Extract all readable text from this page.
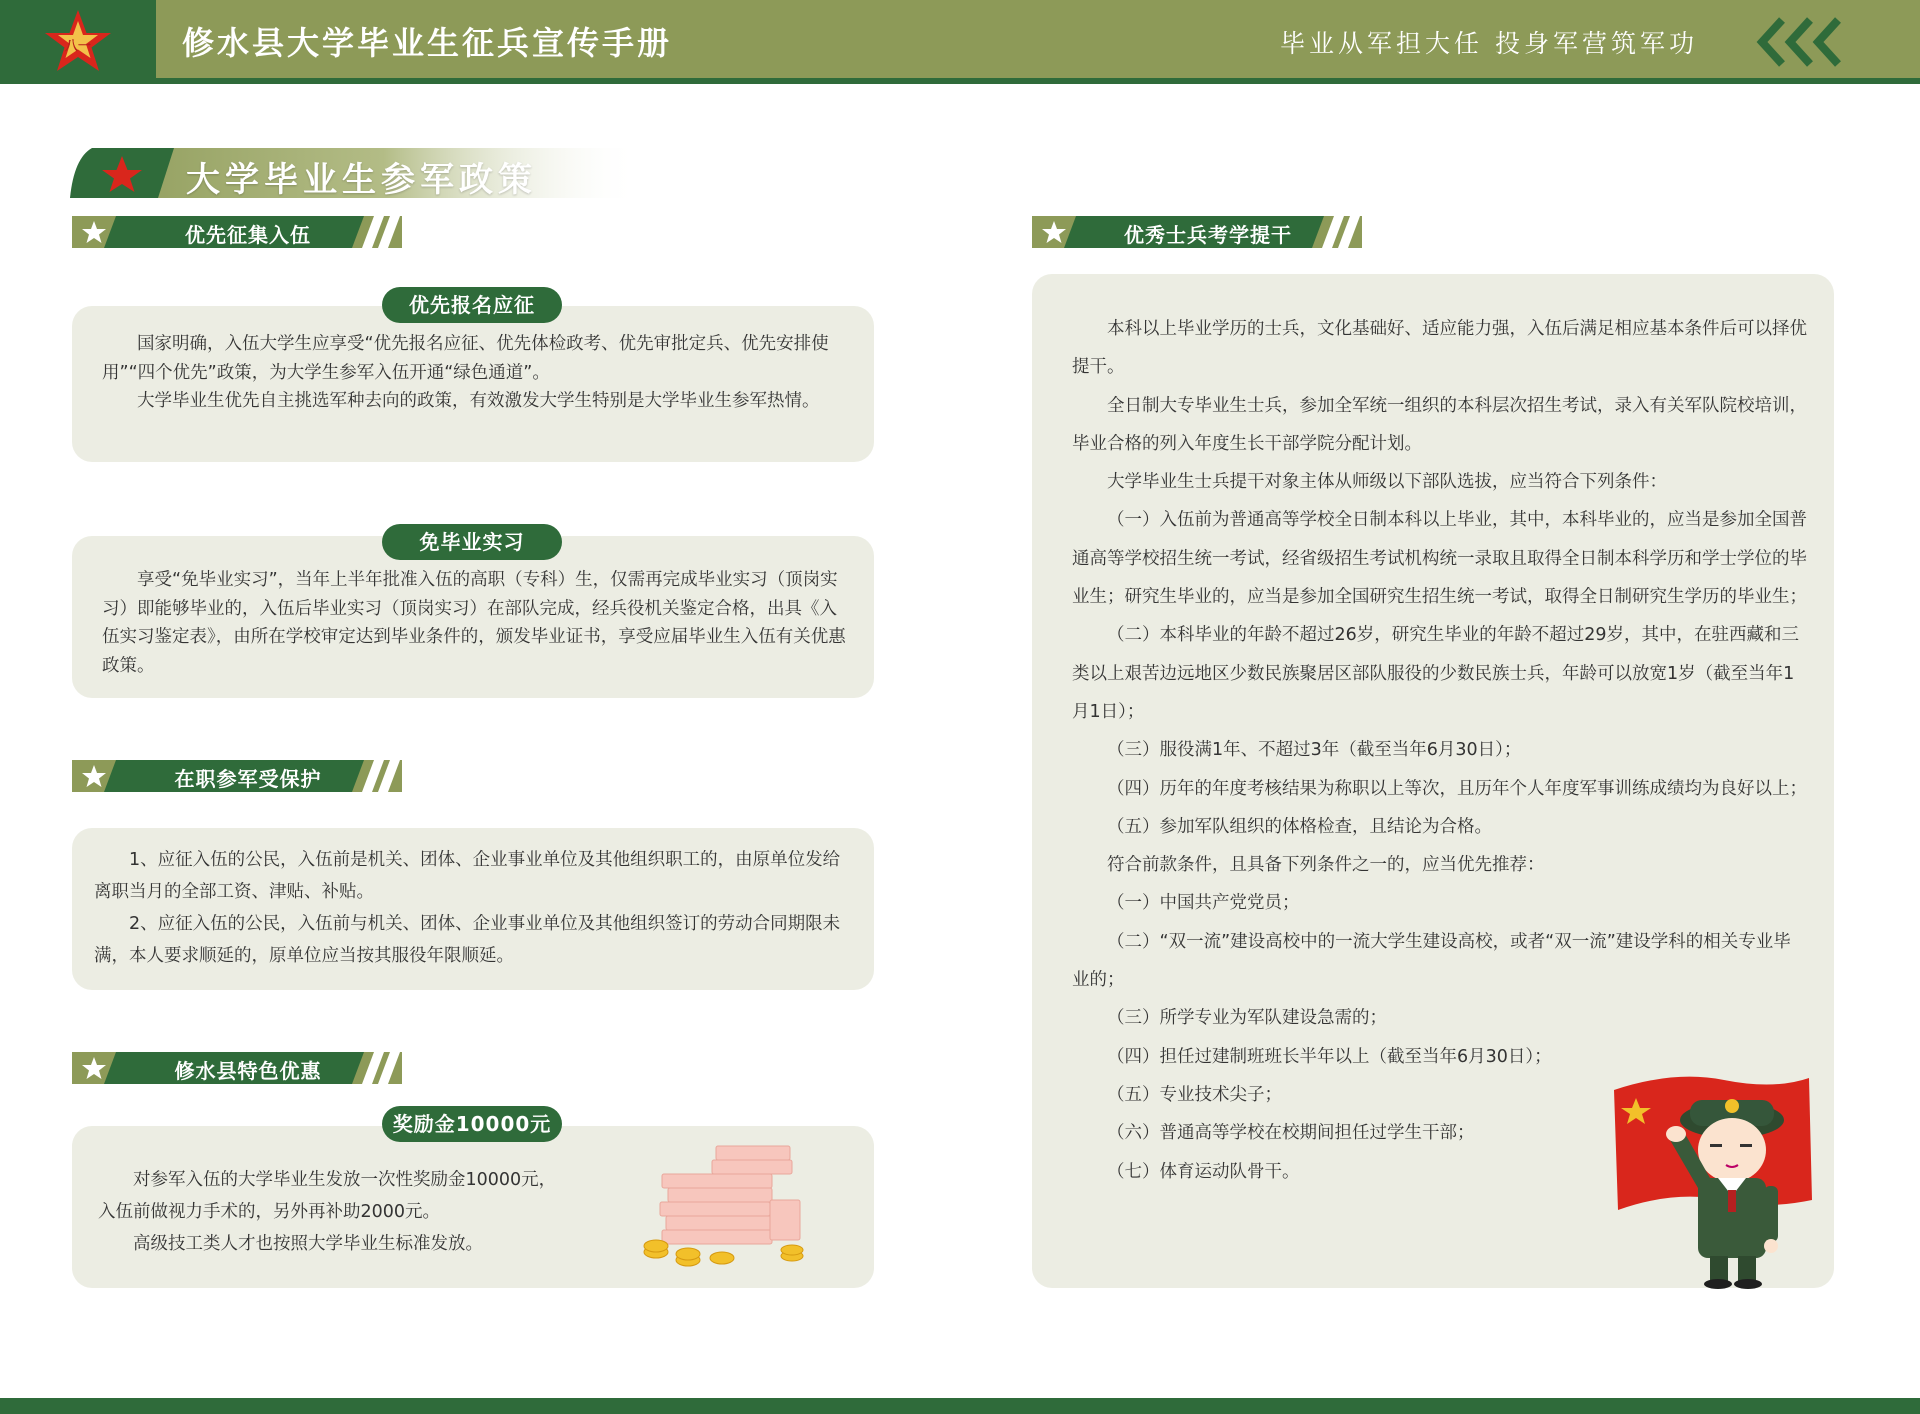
八一	修水县大学毕业生征兵宣传手册	毕业从军担大任 投身军营筑军功
大学毕业生参军政策
优先征集入伍

国家明确，入伍大学生应享受“优先报名应征、优先体检政考、优先审批定兵、优先安排使用”“四个优先”政策，为大学生参军入伍开通“绿色通道”。

大学毕业生优先自主挑选军种去向的政策，有效激发大学生特别是大学毕业生参军热情。

优先报名应征

享受“免毕业实习”，当年上半年批准入伍的高职（专科）生，仅需再完成毕业实习（顶岗实习）即能够毕业的，入伍后毕业实习（顶岗实习）在部队完成，经兵役机关鉴定合格，出具《入伍实习鉴定表》，由所在学校审定达到毕业条件的，颁发毕业证书，享受应届毕业生入伍有关优惠政策。

免毕业实习
在职参军受保护

1、应征入伍的公民，入伍前是机关、团体、企业事业单位及其他组织职工的，由原单位发给离职当月的全部工资、津贴、补贴。

2、应征入伍的公民，入伍前与机关、团体、企业事业单位及其他组织签订的劳动合同期限未满，本人要求顺延的，原单位应当按其服役年限顺延。

修水县特色优惠

对参军入伍的大学毕业生发放一次性奖励金10000元，

入伍前做视力手术的，另外再补助2000元。

高级技工类人才也按照大学毕业生标准发放。

奖励金10000元
优秀士兵考学提干

本科以上毕业学历的士兵，文化基础好、适应能力强，入伍后满足相应基本条件后可以择优提干。

全日制大专毕业生士兵，参加全军统一组织的本科层次招生考试，录入有关军队院校培训，毕业合格的列入年度生长干部学院分配计划。

大学毕业生士兵提干对象主体从师级以下部队选拔，应当符合下列条件：

（一）入伍前为普通高等学校全日制本科以上毕业，其中，本科毕业的，应当是参加全国普通高等学校招生统一考试，经省级招生考试机构统一录取且取得全日制本科学历和学士学位的毕业生；研究生毕业的，应当是参加全国研究生招生统一考试，取得全日制研究生学历的毕业生；

（二）本科毕业的年龄不超过26岁，研究生毕业的年龄不超过29岁，其中，在驻西藏和三类以上艰苦边远地区少数民族聚居区部队服役的少数民族士兵，年龄可以放宽1岁（截至当年1月1日）；

（三）服役满1年、不超过3年（截至当年6月30日）；

（四）历年的年度考核结果为称职以上等次，且历年个人年度军事训练成绩均为良好以上；

（五）参加军队组织的体格检查，且结论为合格。

符合前款条件，且具备下列条件之一的，应当优先推荐：

（一）中国共产党党员；

（二）“双一流”建设高校中的一流大学生建设高校，或者“双一流”建设学科的相关专业毕业的；

（三）所学专业为军队建设急需的；

（四）担任过建制班班长半年以上（截至当年6月30日）；

（五）专业技术尖子；

（六）普通高等学校在校期间担任过学生干部；

（七）体育运动队骨干。
